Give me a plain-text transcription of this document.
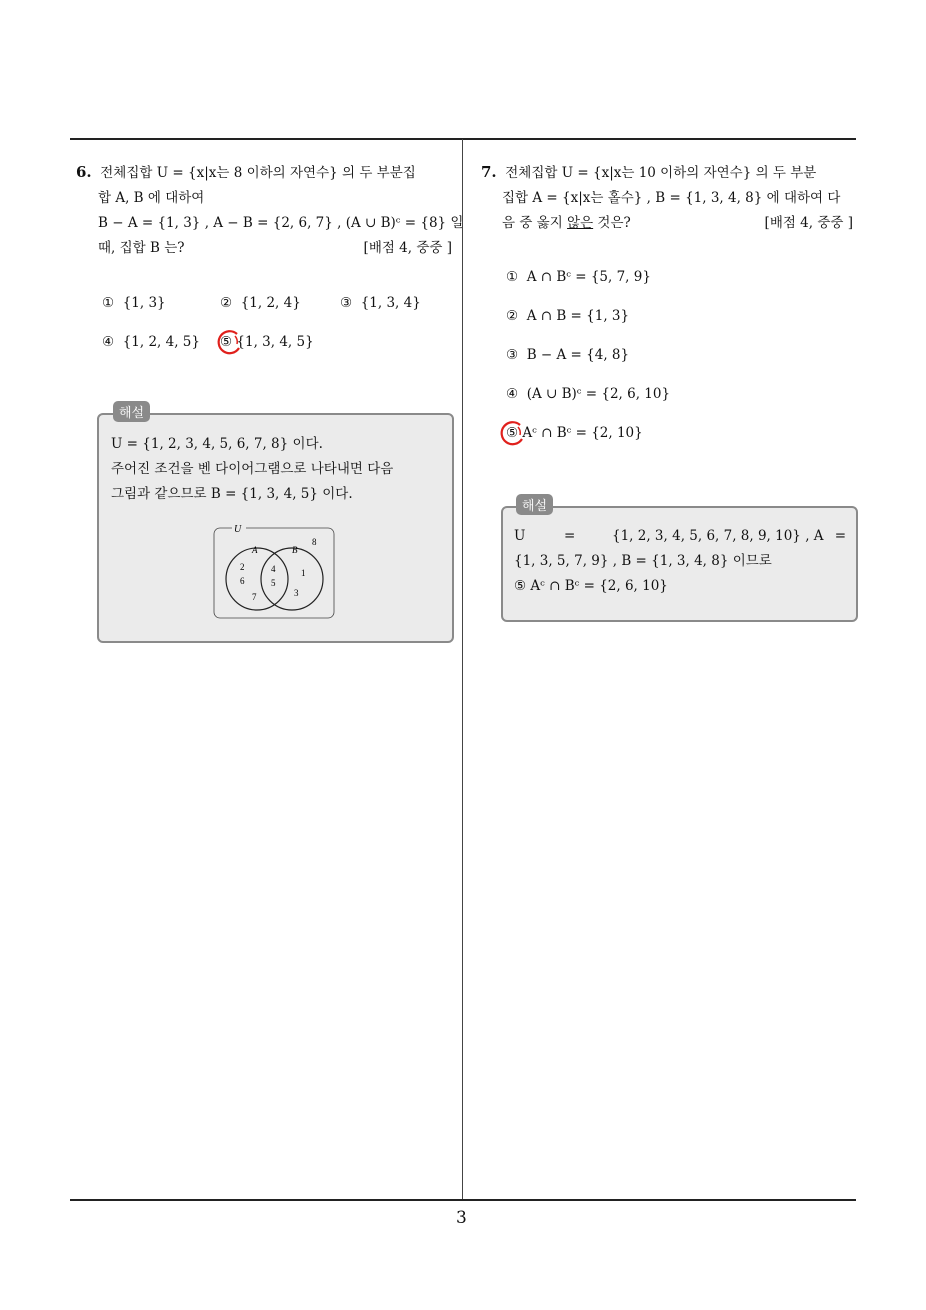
3
6. 전체집합 U = {x|x는 8 이하의 자연수} 의 두 부분집
합 A, B 에 대하여
B − A = {1, 3} , A − B = {2, 6, 7} , (A ∪ B)ᶜ = {8} 일
때, 집합 B 는?	[배점 4, 중중 ]
① {1, 3}	② {1, 2, 4}	③ {1, 3, 4}
④ {1, 2, 4, 5} ⑤ {1, 3, 4, 5}
해설
U = {1, 2, 3, 4, 5, 6, 7, 8} 이다.
주어진 조건을 벤 다이어그램으로 나타내면 다음
그림과 같으므로 B = {1, 3, 4, 5} 이다.
U
A	B
8
2
6
7
4
5
1
3
7. 전체집합 U = {x|x는 10 이하의 자연수} 의 두 부분
집합 A = {x|x는 홀수} , B = {1, 3, 4, 8} 에 대하여 다
음 중 옳지 않은 것은?	[배점 4, 중중 ]
① A ∩ Bᶜ = {5, 7, 9}
② A ∩ B = {1, 3}
③ B − A = {4, 8}
④ (A ∪ B)ᶜ = {2, 6, 10}
⑤ Aᶜ ∩ Bᶜ = {2, 10}
해설
U	=	{1, 2, 3, 4, 5, 6, 7, 8, 9, 10} , A =
{1, 3, 5, 7, 9} , B = {1, 3, 4, 8} 이므로
⑤ Aᶜ ∩ Bᶜ = {2, 6, 10}
